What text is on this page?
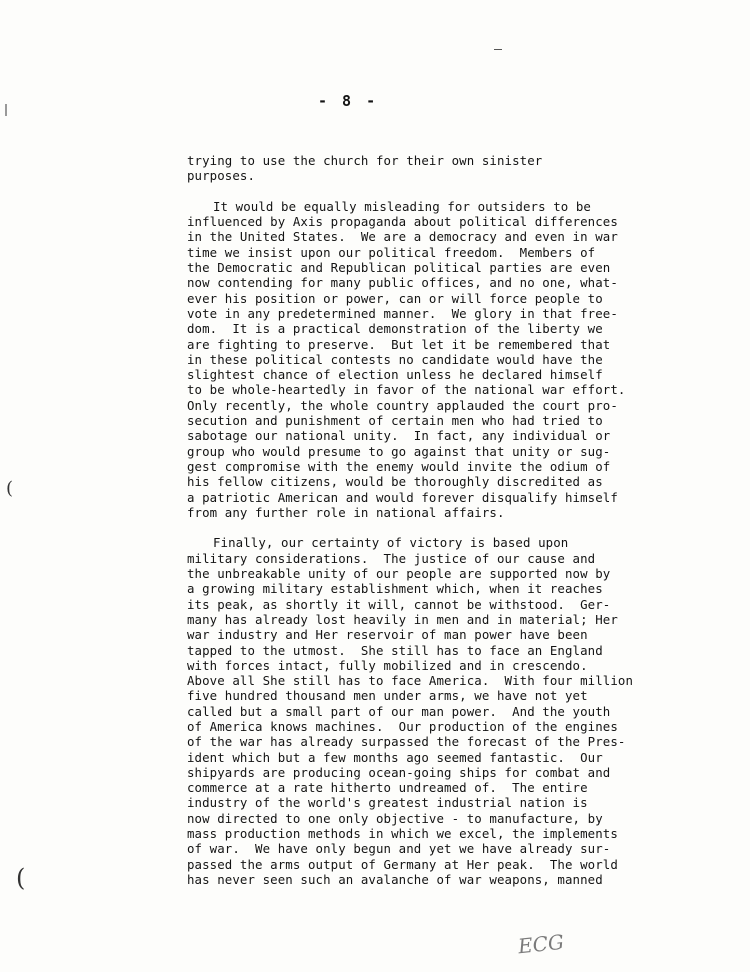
- 8 -
trying to use the church for their own sinister
purposes.
It would be equally misleading for outsiders to be
influenced by Axis propaganda about political differences
in the United States.  We are a democracy and even in war
time we insist upon our political freedom.  Members of
the Democratic and Republican political parties are even
now contending for many public offices, and no one, what-
ever his position or power, can or will force people to
vote in any predetermined manner.  We glory in that free-
dom.  It is a practical demonstration of the liberty we
are fighting to preserve.  But let it be remembered that
in these political contests no candidate would have the
slightest chance of election unless he declared himself
to be whole-heartedly in favor of the national war effort.
Only recently, the whole country applauded the court pro-
secution and punishment of certain men who had tried to
sabotage our national unity.  In fact, any individual or
group who would presume to go against that unity or sug-
gest compromise with the enemy would invite the odium of
his fellow citizens, would be thoroughly discredited as
a patriotic American and would forever disqualify himself
from any further role in national affairs.
Finally, our certainty of victory is based upon
military considerations.  The justice of our cause and
the unbreakable unity of our people are supported now by
a growing military establishment which, when it reaches
its peak, as shortly it will, cannot be withstood.  Ger-
many has already lost heavily in men and in material; Her
war industry and Her reservoir of man power have been
tapped to the utmost.  She still has to face an England
with forces intact, fully mobilized and in crescendo.
Above all She still has to face America.  With four million
five hundred thousand men under arms, we have not yet
called but a small part of our man power.  And the youth
of America knows machines.  Our production of the engines
of the war has already surpassed the forecast of the Pres-
ident which but a few months ago seemed fantastic.  Our
shipyards are producing ocean-going ships for combat and
commerce at a rate hitherto undreamed of.  The entire
industry of the world's greatest industrial nation is
now directed to one only objective - to manufacture, by
mass production methods in which we excel, the implements
of war.  We have only begun and yet we have already sur-
passed the arms output of Germany at Her peak.  The world
has never seen such an avalanche of war weapons, manned
(
(
ECG
